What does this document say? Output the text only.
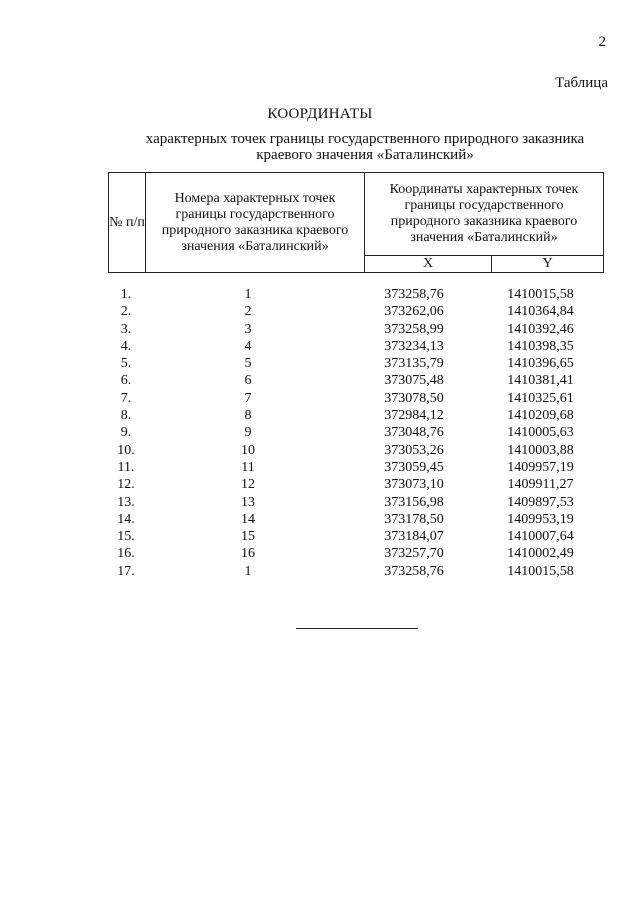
2
Таблица
КООРДИНАТЫ
характерных точек границы государственного природного заказника краевого значения «Баталинский»
№ п/п	Номера характерных точек границы государственного природного заказника краевого значения «Баталинский»	Координаты характерных точек границы государственного природного заказника краевого значения «Баталинский»	
		X	Y
1.	1	373258,76	1410015,58
2.	2	373262,06	1410364,84
3.	3	373258,99	1410392,46
4.	4	373234,13	1410398,35
5.	5	373135,79	1410396,65
6.	6	373075,48	1410381,41
7.	7	373078,50	1410325,61
8.	8	372984,12	1410209,68
9.	9	373048,76	1410005,63
10.	10	373053,26	1410003,88
11.	11	373059,45	1409957,19
12.	12	373073,10	1409911,27
13.	13	373156,98	1409897,53
14.	14	373178,50	1409953,19
15.	15	373184,07	1410007,64
16.	16	373257,70	1410002,49
17.	1	373258,76	1410015,58
